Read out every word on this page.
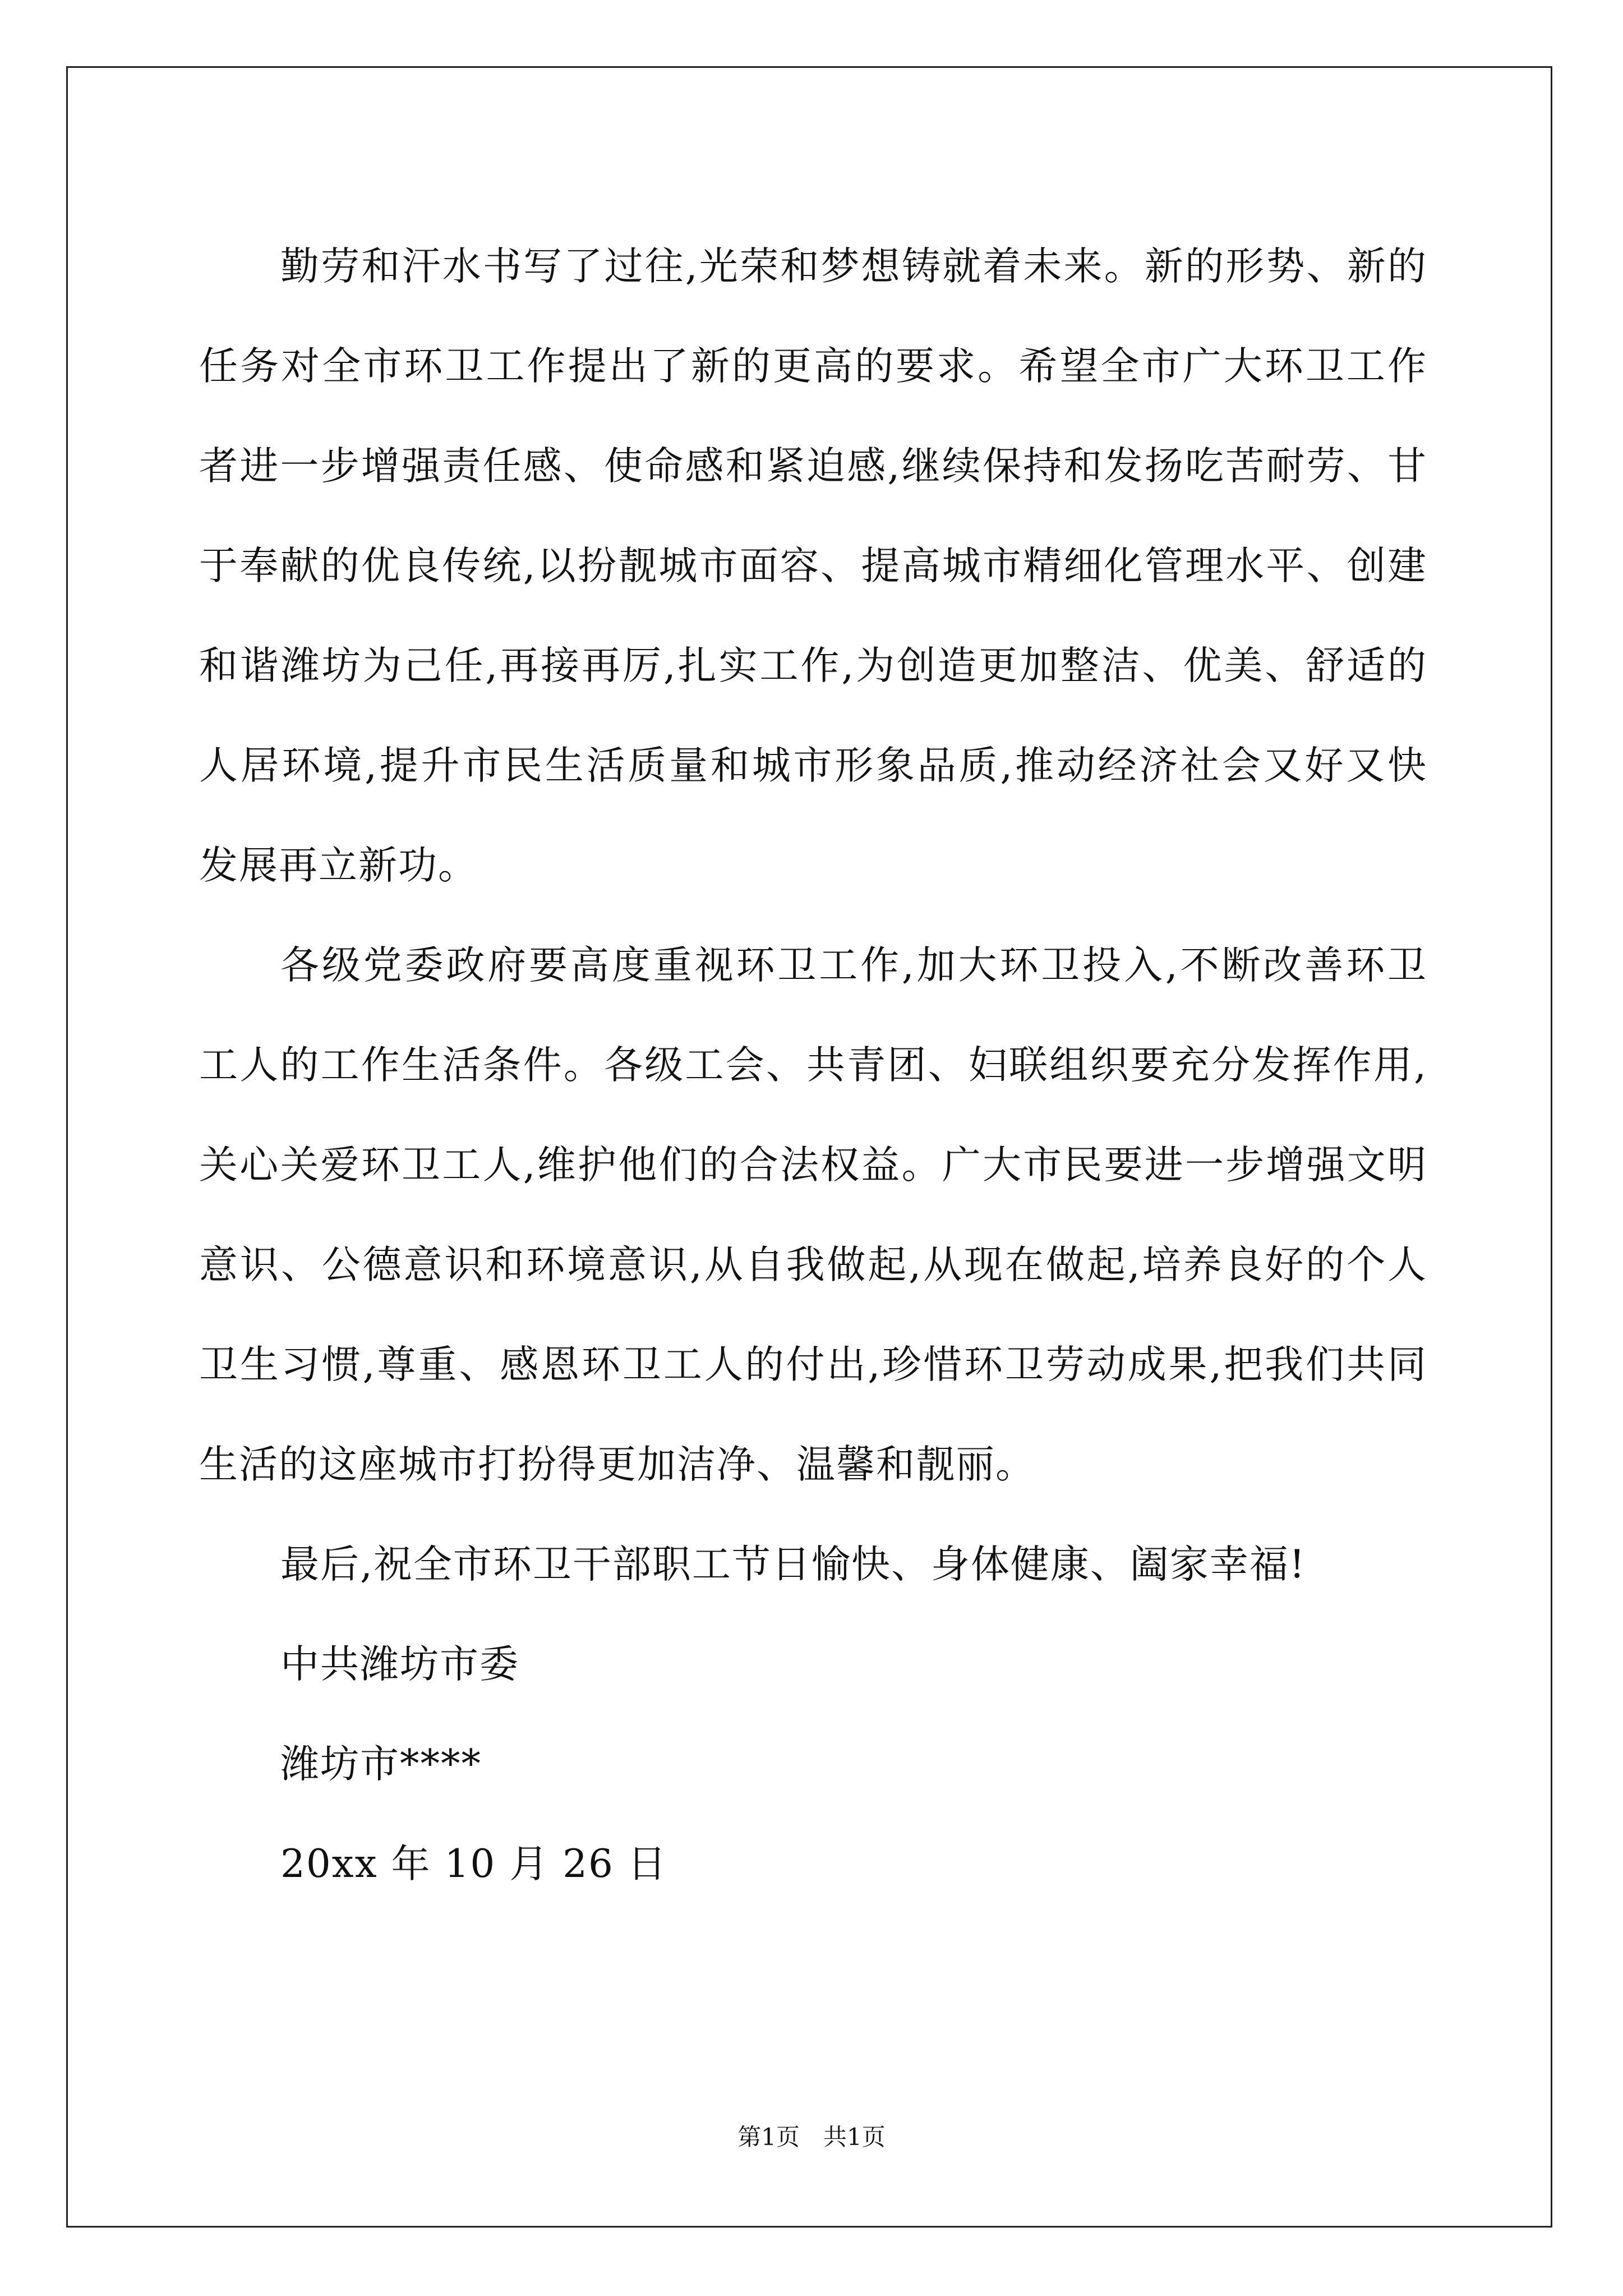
勤劳和汗水书写了过往,光荣和梦想铸就着未来。新的形势、新的
任务对全市环卫工作提出了新的更高的要求。希望全市广大环卫工作
者进一步增强责任感、使命感和紧迫感,继续保持和发扬吃苦耐劳、甘
于奉献的优良传统,以扮靓城市面容、提高城市精细化管理水平、创建
和谐潍坊为己任,再接再厉,扎实工作,为创造更加整洁、优美、舒适的
人居环境,提升市民生活质量和城市形象品质,推动经济社会又好又快
发展再立新功。
各级党委政府要高度重视环卫工作,加大环卫投入,不断改善环卫
工人的工作生活条件。各级工会、共青团、妇联组织要充分发挥作用,
关心关爱环卫工人,维护他们的合法权益。广大市民要进一步增强文明
意识、公德意识和环境意识,从自我做起,从现在做起,培养良好的个人
卫生习惯,尊重、感恩环卫工人的付出,珍惜环卫劳动成果,把我们共同
生活的这座城市打扮得更加洁净、温馨和靓丽。
最后,祝全市环卫干部职工节日愉快、身体健康、阖家幸福!
中共潍坊市委
潍坊市****
20xx 年 10 月 26 日
第1页　共1页
